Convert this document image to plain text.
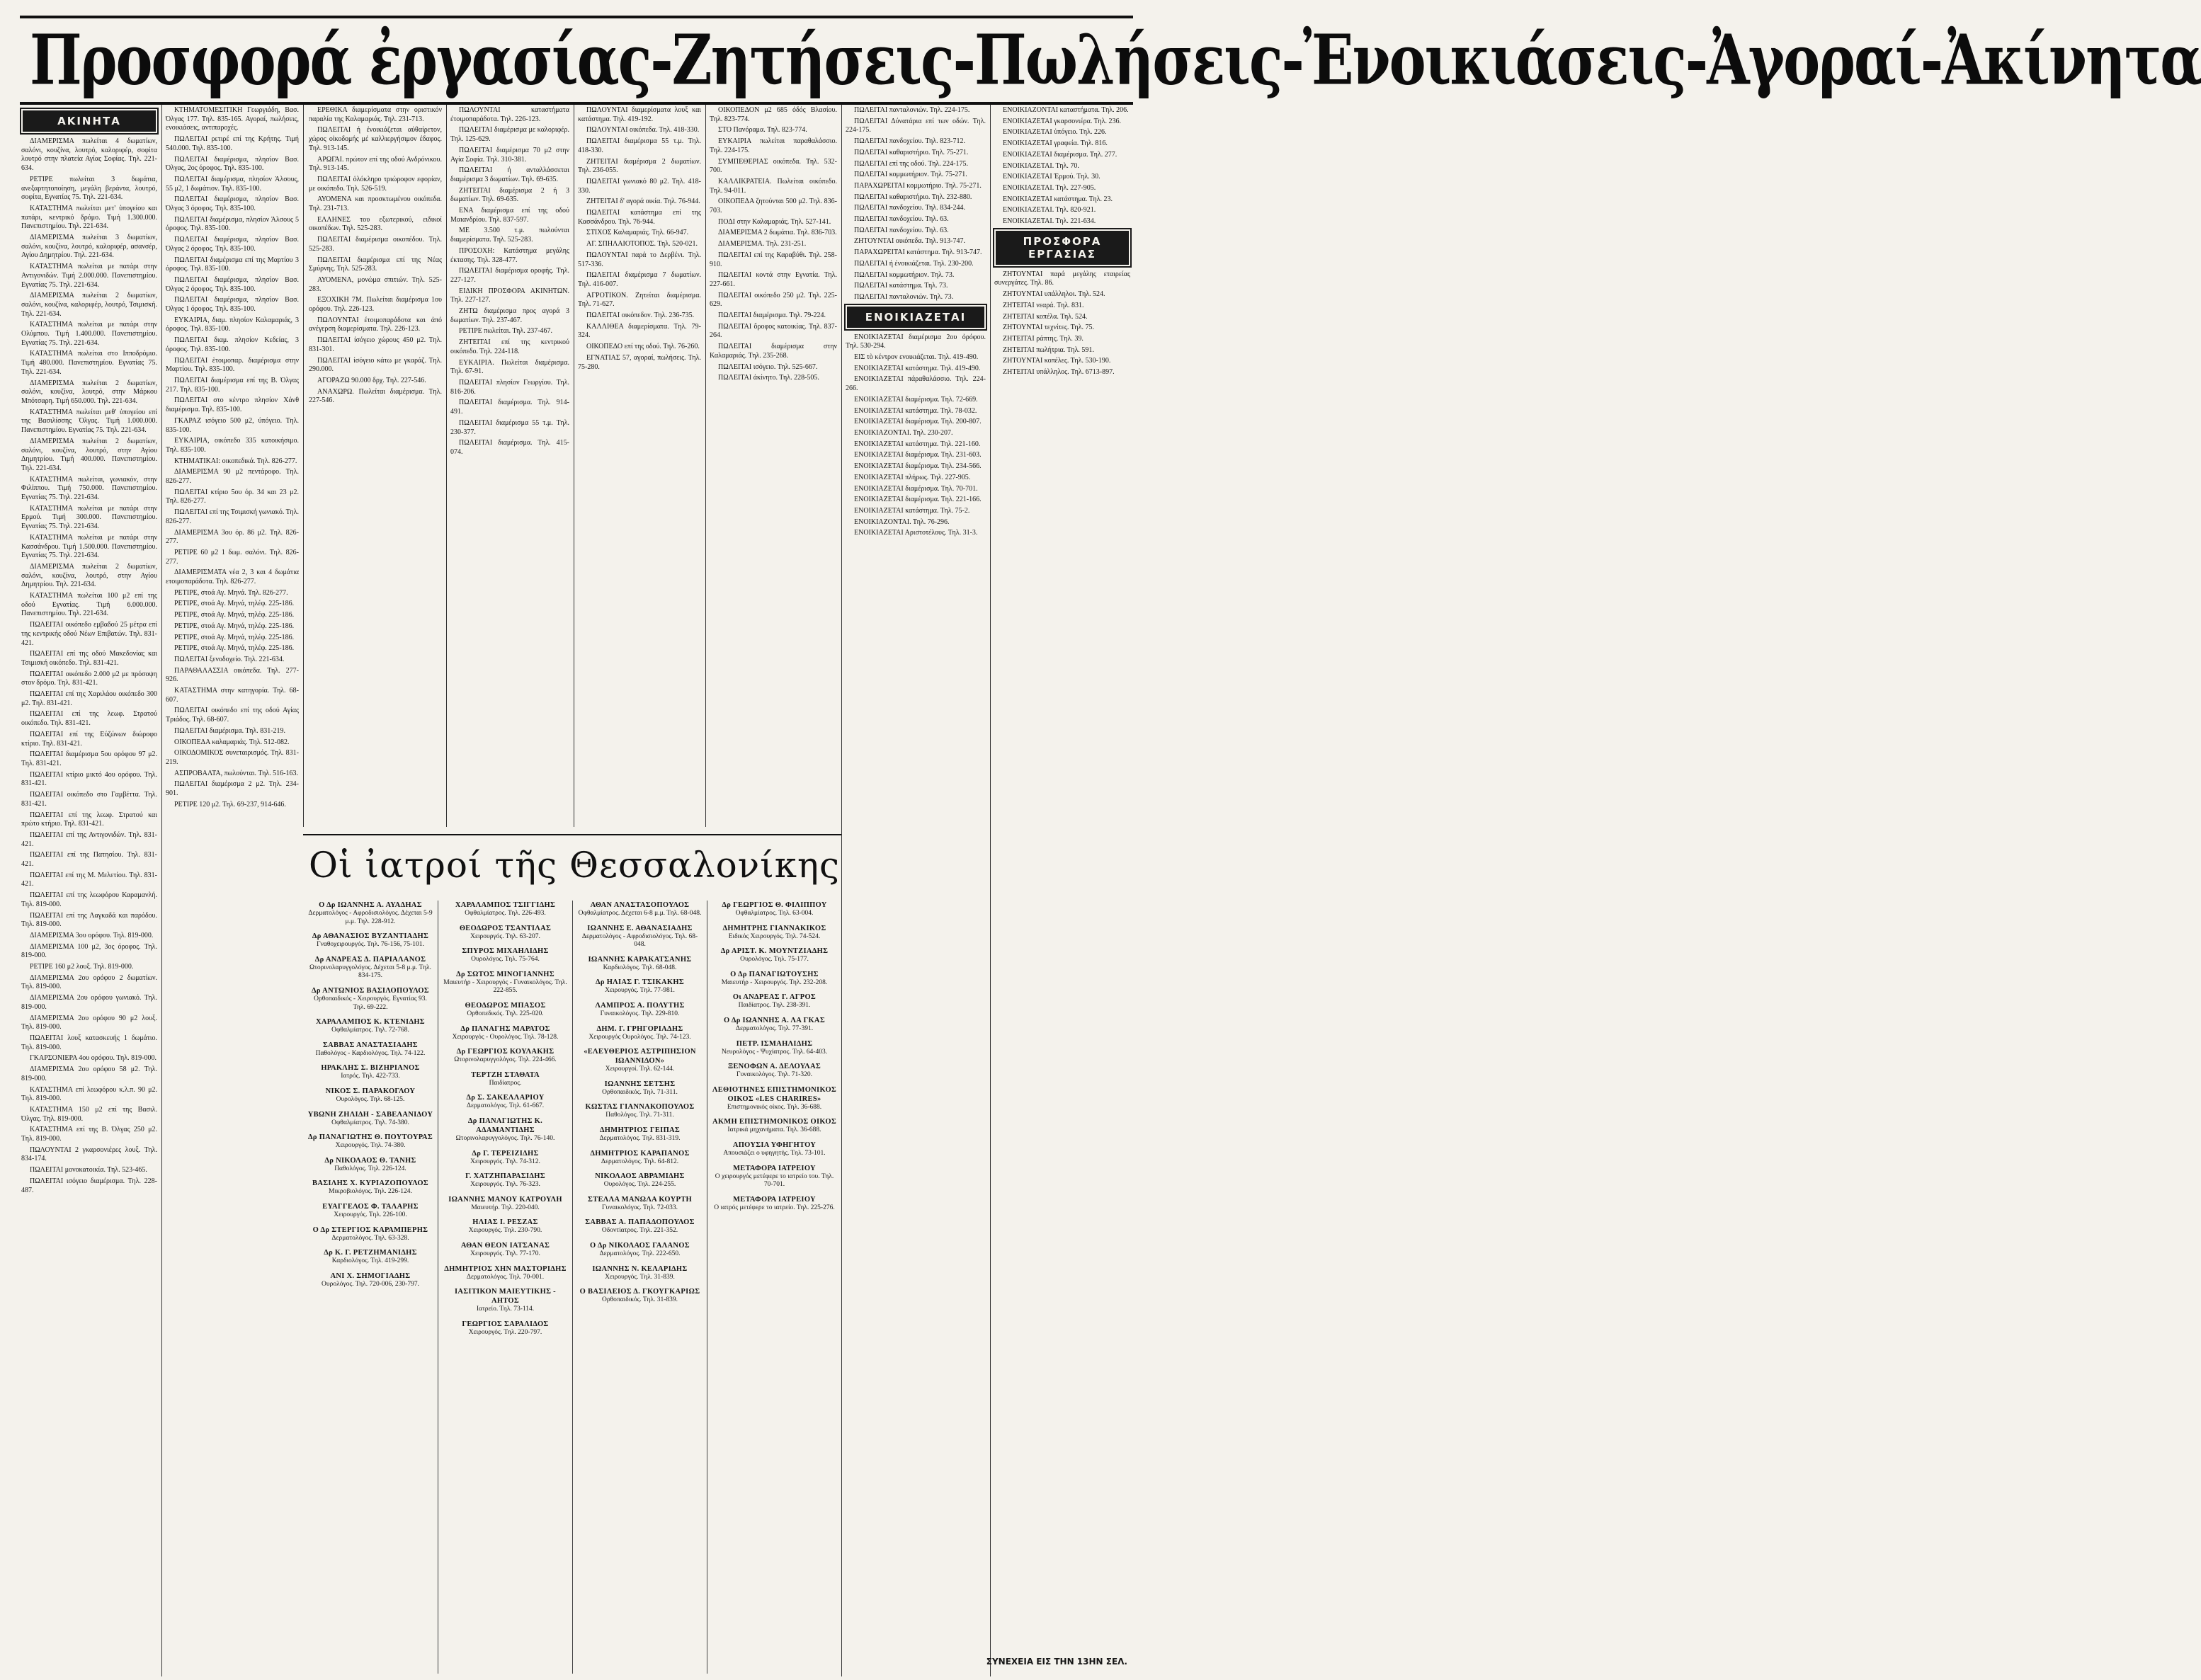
Προσφορά ἐργασίας-Ζητήσεις-Πωλήσεις-Ἐνοικιάσεις-Ἀγοραί-Ἀκίνητα
ΑΚΙΝΗΤΑ

ΔΙΑΜΕΡΙΣΜΑ πωλείται 4 δωματίων, σαλόνι, κουζίνα, λουτρό, καλοριφέρ, σοφίτα λουτρό στην πλατεία Αγίας Σοφίας. Τηλ. 221-634.

ΡΕΤΙΡΕ πωλείται 3 δωμάτια, ανεξαρτητοποίηση, μεγάλη βεράντα, λουτρό, σοφίτα, Εγνατίας 75. Τηλ. 221-634.

ΚΑΤΑΣΤΗΜΑ πωλείται μετ' ὑπογείου και πατάρι, κεντρικό δρόμο. Τιμή 1.300.000. Πανεπιστημίου. Τηλ. 221-634.

ΔΙΑΜΕΡΙΣΜΑ πωλείται 3 δωματίων, σαλόνι, κουζίνα, λουτρό, καλοριφέρ, ασανσέρ, Αγίου Δημητρίου. Τηλ. 221-634.

ΚΑΤΑΣΤΗΜΑ πωλείται με πατάρι στην Αντιγονιδών. Τιμή 2.000.000. Πανεπιστημίου. Εγνατίας 75. Τηλ. 221-634.

ΔΙΑΜΕΡΙΣΜΑ πωλείται 2 δωματίων, σαλόνι, κουζίνα, καλοριφέρ, λουτρό, Τσιμισκή. Τηλ. 221-634.

ΚΑΤΑΣΤΗΜΑ πωλείται με πατάρι στην Ολύμπου. Τιμή 1.400.000. Πανεπιστημίου. Εγνατίας 75. Τηλ. 221-634.

ΚΑΤΑΣΤΗΜΑ πωλείται στο Ιπποδρόμιο. Τιμή 480.000. Πανεπιστημίου. Εγνατίας 75. Τηλ. 221-634.

ΔΙΑΜΕΡΙΣΜΑ πωλείται 2 δωματίων, σαλόνι, κουζίνα, λουτρό, στην Μάρκου Μπότσαρη. Τιμή 650.000. Τηλ. 221-634.

ΚΑΤΑΣΤΗΜΑ πωλείται μεθ' ὑπογείου επί της Βασιλίσσης Όλγας. Τιμή 1.000.000. Πανεπιστημίου. Εγνατίας 75. Τηλ. 221-634.

ΔΙΑΜΕΡΙΣΜΑ πωλείται 2 δωματίων, σαλόνι, κουζίνα, λουτρό, στην Αγίου Δημητρίου. Τιμή 400.000. Πανεπιστημίου. Τηλ. 221-634.

ΚΑΤΑΣΤΗΜΑ πωλείται, γωνιακόν, στην Φιλίππου. Τιμή 750.000. Πανεπιστημίου. Εγνατίας 75. Τηλ. 221-634.

ΚΑΤΑΣΤΗΜΑ πωλείται με πατάρι στην Ερμού. Τιμή 300.000. Πανεπιστημίου. Εγνατίας 75. Τηλ. 221-634.

ΚΑΤΑΣΤΗΜΑ πωλείται με πατάρι στην Κασσάνδρου. Τιμή 1.500.000. Πανεπιστημίου. Εγνατίας 75. Τηλ. 221-634.

ΔΙΑΜΕΡΙΣΜΑ πωλείται 2 δωματίων, σαλόνι, κουζίνα, λουτρό, στην Αγίου Δημητρίου. Τηλ. 221-634.

ΚΑΤΑΣΤΗΜΑ πωλείται 100 μ2 επί της οδού Εγνατίας. Τιμή 6.000.000. Πανεπιστημίου. Τηλ. 221-634.

ΠΩΛΕΙΤΑΙ οικόπεδο εμβαδού 25 μέτρα επί της κεντρικής οδού Νέων Επιβατών. Τηλ. 831-421.

ΠΩΛΕΙΤΑΙ επί της οδού Μακεδονίας και Τσιμισκή οικόπεδο. Τηλ. 831-421.

ΠΩΛΕΙΤΑΙ οικόπεδο 2.000 μ2 με πρόσοψη στον δρόμο. Τηλ. 831-421.

ΠΩΛΕΙΤΑΙ επί της Χαριλάου οικόπεδο 300 μ2. Τηλ. 831-421.

ΠΩΛΕΙΤΑΙ επί της λεωφ. Στρατού οικόπεδο. Τηλ. 831-421.

ΠΩΛΕΙΤΑΙ επί της Εύζώνων διώροφο κτίριο. Τηλ. 831-421.

ΠΩΛΕΙΤΑΙ διαμέρισμα 5ου ορόφου 97 μ2. Τηλ. 831-421.

ΠΩΛΕΙΤΑΙ κτίριο μικτό 4ου ορόφου. Τηλ. 831-421.

ΠΩΛΕΙΤΑΙ οικόπεδο στο Γαμβέττα. Τηλ. 831-421.

ΠΩΛΕΙΤΑΙ επί της λεωφ. Στρατού και πρώτο κτήριο. Τηλ. 831-421.

ΠΩΛΕΙΤΑΙ επί της Αντιγονιδών. Τηλ. 831-421.

ΠΩΛΕΙΤΑΙ επί της Πατησίου. Τηλ. 831-421.

ΠΩΛΕΙΤΑΙ επί της Μ. Μελετίου. Τηλ. 831-421.

ΠΩΛΕΙΤΑΙ επί της λεωφόρου Καραμανλή. Τηλ. 819-000.

ΠΩΛΕΙΤΑΙ επί της Λαγκαδά και παρόδου. Τηλ. 819-000.

ΔΙΑΜΕΡΙΣΜΑ 3ου ορόφου. Τηλ. 819-000.

ΔΙΑΜΕΡΙΣΜΑ 100 μ2, 3ος όροφος. Τηλ. 819-000.

ΡΕΤΙΡΕ 160 μ2 λουξ. Τηλ. 819-000.

ΔΙΑΜΕΡΙΣΜΑ 2ου ορόφου 2 δωματίων. Τηλ. 819-000.

ΔΙΑΜΕΡΙΣΜΑ 2ου ορόφου γωνιακό. Τηλ. 819-000.

ΔΙΑΜΕΡΙΣΜΑ 2ου ορόφου 90 μ2 λουξ. Τηλ. 819-000.

ΠΩΛΕΙΤΑΙ λουξ κατασκευής 1 δωμάτιο. Τηλ. 819-000.

ΓΚΑΡΣΟΝΙΕΡΑ 4ου ορόφου. Τηλ. 819-000.

ΔΙΑΜΕΡΙΣΜΑ 2ου ορόφου 58 μ2. Τηλ. 819-000.

ΚΑΤΑΣΤΗΜΑ επί λεωφόρου κ.λ.π. 90 μ2. Τηλ. 819-000.

ΚΑΤΑΣΤΗΜΑ 150 μ2 επί της Βασιλ. Όλγας. Τηλ. 819-000.

ΚΑΤΑΣΤΗΜΑ επί της Β. Όλγας 250 μ2. Τηλ. 819-000.

ΠΩΛΟΥΝΤΑΙ 2 γκαρσονιέρες λουξ. Τηλ. 834-174.

ΠΩΛΕΙΤΑΙ μονοκατοικία. Τηλ. 523-465.

ΠΩΛΕΙΤΑΙ ισόγειο διαμέρισμα. Τηλ. 228-487.

ΚΤΗΜΑΤΟΜΕΣΙΤΙΚΗ Γεωργιάδη, Βασ. Όλγας 177. Τηλ. 835-165. Αγοραί, πωλήσεις, ενοικιάσεις, αντιπαροχές.

ΠΩΛΕΙΤΑΙ ρετιρέ επί της Κρήτης. Τιμή 540.000. Τηλ. 835-100.

ΠΩΛΕΙΤΑΙ διαμέρισμα, πλησίον Βασ. Όλγας, 2ος όροφος. Τηλ. 835-100.

ΠΩΛΕΙΤΑΙ διαμέρισμα, πλησίον Άλσους, 55 μ2, 1 δωμάτιον. Τηλ. 835-100.

ΠΩΛΕΙΤΑΙ διαμέρισμα, πλησίον Βασ. Όλγας 3 όροφος. Τηλ. 835-100.

ΠΩΛΕΙΤΑΙ διαμέρισμα, πλησίον Άλσους 5 όροφος. Τηλ. 835-100.

ΠΩΛΕΙΤΑΙ διαμέρισμα, πλησίον Βασ. Όλγας 2 όροφος. Τηλ. 835-100.

ΠΩΛΕΙΤΑΙ διαμέρισμα επί της Μαρτίου 3 όροφος. Τηλ. 835-100.

ΠΩΛΕΙΤΑΙ διαμέρισμα, πλησίον Βασ. Όλγας 2 όροφος. Τηλ. 835-100.

ΠΩΛΕΙΤΑΙ διαμέρισμα, πλησίον Βασ. Όλγας 1 όροφος. Τηλ. 835-100.

ΕΥΚΑΙΡΙΑ, διαμ. πλησίον Καλαμαριάς, 3 όροφος. Τηλ. 835-100.

ΠΩΛΕΙΤΑΙ διαμ. πλησίον Κεδείας, 3 όροφος. Τηλ. 835-100.

ΠΩΛΕΙΤΑΙ ἑτοιμοπαρ. διαμέρισμα στην Μαρτίου. Τηλ. 835-100.

ΠΩΛΕΙΤΑΙ διαμέρισμα επί της Β. Όλγας 217. Τηλ. 835-100.

ΠΩΛΕΙΤΑΙ στο κέντρο πλησίον Χάνθ διαμέρισμα. Τηλ. 835-100.

ΓΚΑΡΑΖ ισόγειο 500 μ2, ύπόγειο. Τηλ. 835-100.

ΕΥΚΑΙΡΙΑ, οικόπεδο 335 κατοικήσιμο. Τηλ. 835-100.

ΚΤΗΜΑΤΙΚΑΙ: οικοπεδικά. Τηλ. 826-277.

ΔΙΑΜΕΡΙΣΜΑ 90 μ2 πεντάροφο. Τηλ. 826-277.

ΠΩΛΕΙΤΑΙ κτίριο 5ου όρ. 34 και 23 μ2. Τηλ. 826-277.

ΠΩΛΕΙΤΑΙ επί της Τσιμισκή γωνιακό. Τηλ. 826-277.

ΔΙΑΜΕΡΙΣΜΑ 3ου όρ. 86 μ2. Τηλ. 826-277.

ΡΕΤΙΡΕ 60 μ2 1 δωμ. σαλόνι. Τηλ. 826-277.

ΔΙΑΜΕΡΙΣΜΑΤΑ νέα 2, 3 και 4 δωμάτια ετοιμοπαράδοτα. Τηλ. 826-277.

ΡΕΤΙΡΕ, στοά Αγ. Μηνά. Τηλ. 826-277.

ΡΕΤΙΡΕ, στοά Αγ. Μηνά, τηλέφ. 225-186.

ΡΕΤΙΡΕ, στοά Αγ. Μηνά, τηλέφ. 225-186.

ΡΕΤΙΡΕ, στοά Αγ. Μηνά, τηλέφ. 225-186.

ΡΕΤΙΡΕ, στοά Αγ. Μηνά, τηλέφ. 225-186.

ΡΕΤΙΡΕ, στοά Αγ. Μηνά, τηλέφ. 225-186.

ΠΩΛΕΙΤΑΙ ξενοδοχείο. Τηλ. 221-634.

ΠΑΡΑΘΑΛΑΣΣΙΑ οικόπεδα. Τηλ. 277-926.

ΚΑΤΑΣΤΗΜΑ στην κατηγορία. Τηλ. 68-607.

ΠΩΛΕΙΤΑΙ οικόπεδο επί της οδού Αγίας Τριάδος. Τηλ. 68-607.

ΠΩΛΕΙΤΑΙ διαμέρισμα. Τηλ. 831-219.

ΟΙΚΟΠΕΔΑ καλαμαριάς. Τηλ. 512-082.

ΟΙΚΟΔΟΜΙΚΟΣ συνεταιρισμός. Τηλ. 831-219.

ΑΣΠΡΟΒΑΛΤΑ, πωλούνται. Τηλ. 516-163.

ΠΩΛΕΙΤΑΙ διαμέρισμα 2 μ2. Τηλ. 234-901.

ΡΕΤΙΡΕ 120 μ2. Τηλ. 69-237, 914-646.

ΕΡΕΘΙΚΑ διαμερίσματα στην οριστικόν παραλία της Καλαμαριάς. Τηλ. 231-713.

ΠΩΛΕΙΤΑΙ ή ἐνοικιάζεται αὐθαίρετον, χώρος οἰκοδομής μέ καλλιεργήσιμον έδαφος. Τηλ. 913-145.

ΑΡΩΓΑΙ. πρώτον επί της οδού Ανδρόνικου. Τηλ. 913-145.

ΠΩΛΕΙΤΑΙ ὁλόκληρο τριώροφον εφορίαν, με οικόπεδο. Τηλ. 526-519.

ΑΥΟΜΕΝΑ και προσκτωμένου οικόπεδα. Τηλ. 231-713.

ΕΛΛΗΝΕΣ του εξωτερικού, ειδικοί οικοπέδων. Τηλ. 525-283.

ΠΩΛΕΙΤΑΙ διαμέρισμα οικοπέδου. Τηλ. 525-283.

ΠΩΛΕΙΤΑΙ διαμέρισμα επί της Νέας Σμύρνης. Τηλ. 525-283.

ΑΥΟΜΕΝΑ, μονώμα σπιτιών. Τηλ. 525-283.

ΕΞΟΧΙΚΗ 7Μ. Πωλείται διαμέρισμα 1ου ορόφου. Τηλ. 226-123.

ΠΩΛΟΥΝΤΑΙ έτοιμοπαράδοτα και ἀπό ανέγερση διαμερίσματα. Τηλ. 226-123.

ΠΩΛΕΙΤΑΙ ίσόγειο χώρους 450 μ2. Τηλ. 831-301.

ΠΩΛΕΙΤΑΙ ίσόγειο κάτω με γκαράζ. Τηλ. 290.000.

ΑΓΟΡΑΖΩ 90.000 δρχ. Τηλ. 227-546.

ΑΝΑΧΩΡΩ. Πωλείται διαμέρισμα. Τηλ. 227-546.

ΠΩΛΟΥΝΤΑΙ καταστήματα έτοιμοπαράδοτα. Τηλ. 226-123.

ΠΩΛΕΙΤΑΙ διαμέρισμα με καλοριφέρ. Τηλ. 125-629.

ΠΩΛΕΙΤΑΙ διαμέρισμα 70 μ2 στην Αγία Σοφία. Τηλ. 310-381.

ΠΩΛΕΙΤΑΙ ή ανταλλάσσεται διαμέρισμα 3 δωματίων. Τηλ. 69-635.

ΖΗΤΕΙΤΑΙ διαμέρισμα 2 ή 3 δωματίων. Τηλ. 69-635.

ΕΝΑ διαμέρισμα επί της οδού Μαιανδρίου. Τηλ. 837-597.

ΜΕ 3.500 τ.μ. πωλούνται διαμερίσματα. Τηλ. 525-283.

ΠΡΟΣΟΧΗ: Κατάστημα μεγάλης έκτασης. Τηλ. 328-477.

ΠΩΛΕΙΤΑΙ διαμέρισμα οροφής. Τηλ. 227-127.

ΕΙΔΙΚΗ ΠΡΟΣΦΟΡΑ ΑΚΙΝΗΤΩΝ. Τηλ. 227-127.

ΖΗΤΩ διαμέρισμα προς αγορά 3 δωματίων. Τηλ. 237-467.

ΡΕΤΙΡΕ πωλείται. Τηλ. 237-467.

ΖΗΤΕΙΤΑΙ επί της κεντρικού οικόπεδο. Τηλ. 224-118.

ΕΥΚΑΙΡΙΑ. Πωλείται διαμέρισμα. Τηλ. 67-91.

ΠΩΛΕΙΤΑΙ πλησίον Γεωργίου. Τηλ. 816-206.

ΠΩΛΕΙΤΑΙ διαμέρισμα. Τηλ. 914-491.

ΠΩΛΕΙΤΑΙ διαμέρισμα 55 τ.μ. Τηλ. 230-377.

ΠΩΛΕΙΤΑΙ διαμέρισμα. Τηλ. 415-074.

ΠΩΛΟΥΝΤΑΙ διαμερίσματα λουξ και κατάστημα. Τηλ. 419-192.

ΠΩΛΟΥΝΤΑΙ οικόπεδα. Τηλ. 418-330.

ΠΩΛΕΙΤΑΙ διαμέρισμα 55 τ.μ. Τηλ. 418-330.

ΖΗΤΕΙΤΑΙ διαμέρισμα 2 δωματίων. Τηλ. 236-055.

ΠΩΛΕΙΤΑΙ γωνιακό 80 μ2. Τηλ. 418-330.

ΖΗΤΕΙΤΑΙ δ' αγορά οικία. Τηλ. 76-944.

ΠΩΛΕΙΤΑΙ κατάστημα επί της Κασσάνδρου. Τηλ. 76-944.

ΣΤΙΧΟΣ Καλαμαριάς. Τηλ. 66-947.

ΑΓ. ΣΠΗΛΑΙΟΤΟΠΟΣ. Τηλ. 520-021.

ΠΩΛΟΥΝΤΑΙ παρά το Δερβένι. Τηλ. 517-336.

ΠΩΛΕΙΤΑΙ διαμέρισμα 7 δωματίων. Τηλ. 416-007.

ΑΓΡΟΤΙΚΟΝ. Ζητείται διαμέρισμα. Τηλ. 71-627.

ΠΩΛΕΙΤΑΙ οικόπεδον. Τηλ. 236-735.

ΚΑΛΛΙΘΕΑ διαμερίσματα. Τηλ. 79-324.

ΟΙΚΟΠΕΔΟ επί της οδού. Τηλ. 76-260.

ΕΓΝΑΤΙΑΣ 57, αγοραί, πωλήσεις. Τηλ. 75-280.

ΟΙΚΟΠΕΔΟΝ μ2 685 ὁδός Βλασίου. Τηλ. 823-774.

ΣΤΟ Πανόραμα. Τηλ. 823-774.

ΕΥΚΑΙΡΙΑ πωλείται παραθαλάσσιο. Τηλ. 224-175.

ΣΥΜΠΕΘΕΡΙΑΣ οικόπεδα. Τηλ. 532-700.

ΚΑΛΛΙΚΡΑΤΕΙΑ. Πωλείται οικόπεδο. Τηλ. 94-011.

ΟΙΚΟΠΕΔΑ ζητούνται 500 μ2. Τηλ. 836-703.

ΠΟΔΙ στην Καλαμαριάς. Τηλ. 527-141.

ΔΙΑΜΕΡΙΣΜΑ 2 δωμάτια. Τηλ. 836-703.

ΔΙΑΜΕΡΙΣΜΑ. Τηλ. 231-251.

ΠΩΛΕΙΤΑΙ επί της Καραβύθι. Τηλ. 258-910.

ΠΩΛΕΙΤΑΙ κοντά στην Εγνατία. Τηλ. 227-661.

ΠΩΛΕΙΤΑΙ οικόπεδο 250 μ2. Τηλ. 225-629.

ΠΩΛΕΙΤΑΙ διαμέρισμα. Τηλ. 79-224.

ΠΩΛΕΙΤΑΙ ὄροφος κατοικίας. Τηλ. 837-264.

ΠΩΛΕΙΤΑΙ διαμέρισμα στην Καλαμαριάς. Τηλ. 235-268.

ΠΩΛΕΙΤΑΙ ισόγειο. Τηλ. 525-667.

ΠΩΛΕΙΤΑΙ ἀκίνητο. Τηλ. 228-505.

ΠΩΛΕΙΤΑΙ πανταλονιών. Τηλ. 224-175.

ΠΩΛΕΙΤΑΙ Δύνατάρια επί των οδών. Τηλ. 224-175.

ΠΩΛΕΙΤΑΙ πανδοχείου. Τηλ. 823-712.

ΠΩΛΕΙΤΑΙ καθαριστήριο. Τηλ. 75-271.

ΠΩΛΕΙΤΑΙ επί της οδού. Τηλ. 224-175.

ΠΩΛΕΙΤΑΙ κομμωτήριον. Τηλ. 75-271.

ΠΑΡΑΧΩΡΕΙΤΑΙ κομμωτήριο. Τηλ. 75-271.

ΠΩΛΕΙΤΑΙ καθαριστήριο. Τηλ. 232-880.

ΠΩΛΕΙΤΑΙ πανδοχείου. Τηλ. 834-244.

ΠΩΛΕΙΤΑΙ πανδοχείου. Τηλ. 63.

ΠΩΛΕΙΤΑΙ πανδοχείου. Τηλ. 63.

ΖΗΤΟΥΝΤΑΙ οικόπεδα. Τηλ. 913-747.

ΠΑΡΑΧΩΡΕΙΤΑΙ κατάστημα. Τηλ. 913-747.

ΠΩΛΕΙΤΑΙ ή ένοικιάζεται. Τηλ. 230-200.

ΠΩΛΕΙΤΑΙ κομμωτήριον. Τηλ. 73.

ΠΩΛΕΙΤΑΙ κατάστημα. Τηλ. 73.

ΠΩΛΕΙΤΑΙ πανταλονιών. Τηλ. 73.

ΕΝΟΙΚΙΑΖΕΤΑΙ

ΕΝΟΙΚΙΑΖΕΤΑΙ διαμέρισμα 2ου ὀρόφου. Τηλ. 530-294.

ΕΙΣ τὸ κέντρον ενοικιάζεται. Τηλ. 419-490.

ΕΝΟΙΚΙΑΖΕΤΑΙ κατάστημα. Τηλ. 419-490.

ΕΝΟΙΚΙΑΖΕΤΑΙ πάραθαλάσσιο. Τηλ. 224-266.

ΕΝΟΙΚΙΑΖΕΤΑΙ διαμέρισμα. Τηλ. 72-669.

ΕΝΟΙΚΙΑΖΕΤΑΙ κατάστημα. Τηλ. 78-032.

ΕΝΟΙΚΙΑΖΕΤΑΙ διαμέρισμα. Τηλ. 200-807.

ΕΝΟΙΚΙΑΖΟΝΤΑΙ. Τηλ. 230-207.

ΕΝΟΙΚΙΑΖΕΤΑΙ κατάστημα. Τηλ. 221-160.

ΕΝΟΙΚΙΑΖΕΤΑΙ διαμέρισμα. Τηλ. 231-603.

ΕΝΟΙΚΙΑΖΕΤΑΙ διαμέρισμα. Τηλ. 234-566.

ΕΝΟΙΚΙΑΖΕΤΑΙ πλήρως. Τηλ. 227-905.

ΕΝΟΙΚΙΑΖΕΤΑΙ διαμέρισμα. Τηλ. 70-701.

ΕΝΟΙΚΙΑΖΕΤΑΙ διαμέρισμα. Τηλ. 221-166.

ΕΝΟΙΚΙΑΖΕΤΑΙ κατάστημα. Τηλ. 75-2.

ΕΝΟΙΚΙΑΖΟΝΤΑΙ. Τηλ. 76-296.

ΕΝΟΙΚΙΑΖΕΤΑΙ Αριστοτέλους. Τηλ. 31-3.

ΕΝΟΙΚΙΑΖΟΝΤΑΙ καταστήματα. Τηλ. 206.

ΕΝΟΙΚΙΑΖΕΤΑΙ γκαρσονιέρα. Τηλ. 236.

ΕΝΟΙΚΙΑΖΕΤΑΙ ὑπόγειο. Τηλ. 226.

ΕΝΟΙΚΙΑΖΕΤΑΙ γραφεία. Τηλ. 816.

ΕΝΟΙΚΙΑΖΕΤΑΙ διαμέρισμα. Τηλ. 277.

ΕΝΟΙΚΙΑΖΕΤΑΙ. Τηλ. 70.

ΕΝΟΙΚΙΑΖΕΤΑΙ Έρμού. Τηλ. 30.

ΕΝΟΙΚΙΑΖΕΤΑΙ. Τηλ. 227-905.

ΕΝΟΙΚΙΑΖΕΤΑΙ κατάστημα. Τηλ. 23.

ΕΝΟΙΚΙΑΖΕΤΑΙ. Τηλ. 820-921.

ΕΝΟΙΚΙΑΖΕΤΑΙ. Τηλ. 221-634.

ΠΡΟΣΦΟΡΑ ΕΡΓΑΣΙΑΣ

ΖΗΤΟΥΝΤΑΙ παρά μεγάλης εταιρείας συνεργάτες. Τηλ. 86.

ΖΗΤΟΥΝΤΑΙ υπάλληλοι. Τηλ. 524.

ΖΗΤΕΙΤΑΙ νεαρά. Τηλ. 831.

ΖΗΤΕΙΤΑΙ κοπέλα. Τηλ. 524.

ΖΗΤΟΥΝΤΑΙ τεχνίτες. Τηλ. 75.

ΖΗΤΕΙΤΑΙ ράπτης. Τηλ. 39.

ΖΗΤΕΙΤΑΙ πωλήτρια. Τηλ. 591.

ΖΗΤΟΥΝΤΑΙ κοπέλες. Τηλ. 530-190.

ΖΗΤΕΙΤΑΙ υπάλληλος. Τηλ. 6713-897.

Οἱ ἰατροί τῆς Θεσσαλονίκης
Ο Δρ ΙΩΑΝΝΗΣ Α. ΑΥΑΔΗΑΣ
Δερματολόγος - Αφροδισιολόγος. Δέχεται 5-9 μ.μ. Τηλ. 228-912.
Δρ ΑΘΑΝΑΣΙΟΣ ΒΥΖΑΝΤΙΑΔΗΣ
Γναθοχειρουργός. Τηλ. 76-156, 75-101.
Δρ ΑΝΔΡΕΑΣ Δ. ΠΑΡΙΑΛΑΝΟΣ
Ωτορινολαρυγγολόγος. Δέχεται 5-8 μ.μ. Τηλ. 834-175.
Δρ ΑΝΤΩΝΙΟΣ ΒΑΣΙΛΟΠΟΥΛΟΣ
Ορθοπαιδικός - Χειρουργός. Εγνατίας 93. Τηλ. 69-222.
ΧΑΡΑΛΑΜΠΟΣ Κ. ΚΤΕΝΙΔΗΣ
Οφθαλμίατρος. Τηλ. 72-768.
ΣΑΒΒΑΣ ΑΝΑΣΤΑΣΙΑΔΗΣ
Παθολόγος - Καρδιολόγος. Τηλ. 74-122.
ΗΡΑΚΛΗΣ Σ. ΒΙΖΗΡΙΑΝΟΣ
Ιατρός. Τηλ. 422-733.
ΝΙΚΟΣ Σ. ΠΑΡΑΚΟΓΛΟΥ
Ουρολόγος. Τηλ. 68-125.
ΥΒΩΝΗ ΖΗΛΙΔΗ - ΣΑΒΕΛΑΝΙΔΟΥ
Οφθαλμίατρος. Τηλ. 74-380.
Δρ ΠΑΝΑΓΙΩΤΗΣ Θ. ΠΟΥΤΟΥΡΑΣ
Χειρουργός. Τηλ. 74-380.
Δρ ΝΙΚΟΛΑΟΣ Θ. ΤΑΝΗΣ
Παθολόγος. Τηλ. 226-124.
ΒΑΣΙΛΗΣ Χ. ΚΥΡΙΑΖΟΠΟΥΛΟΣ
Μικροβιολόγος. Τηλ. 226-124.
ΕΥΑΓΓΕΛΟΣ Φ. ΤΑΛΑΡΗΣ
Χειρουργός. Τηλ. 226-100.
Ο Δρ ΣΤΕΡΓΙΟΣ ΚΑΡΑΜΠΕΡΗΣ
Δερματολόγος. Τηλ. 63-328.
Δρ Κ. Γ. ΡΕΤΖΗΜΑΝΙΔΗΣ
Καρδιολόγος. Τηλ. 419-299.
ΑΝΙ Χ. ΣΗΜΟΓΙΑΔΗΣ
Ουρολόγος. Τηλ. 720-006, 230-797.
ΧΑΡΑΛΑΜΠΟΣ ΤΣΙΓΓΙΔΗΣ
Οφθαλμίατρος. Τηλ. 226-493.
ΘΕΟΔΩΡΟΣ ΤΣΑΝΤΙΛΑΣ
Χειρουργός. Τηλ. 63-207.
ΣΠΥΡΟΣ ΜΙΧΑΗΛΙΔΗΣ
Ουρολόγος. Τηλ. 75-764.
Δρ ΣΩΤΟΣ ΜΙΝΟΓΙΑΝΝΗΣ
Μαιευτήρ - Χειρουργός - Γυναικολόγος. Τηλ. 222-855.
ΘΕΟΔΩΡΟΣ ΜΠΑΣΟΣ
Ορθοπεδικός. Τηλ. 225-020.
Δρ ΠΑΝΑΓΗΣ ΜΑΡΑΤΟΣ
Χειρουργός - Ουρολόγος. Τηλ. 78-128.
Δρ ΓΕΩΡΓΙΟΣ ΚΟΥΛΑΚΗΣ
Ωτορινολαρυγγολόγος. Τηλ. 224-466.
ΤΕΡΤΖΗ ΣΤΑΘΑΤΑ
Παιδίατρος.
Δρ Σ. ΣΑΚΕΛΛΑΡΙΟΥ
Δερματολόγος. Τηλ. 61-667.
Δρ ΠΑΝΑΓΙΩΤΗΣ Κ. ΑΔΑΜΑΝΤΙΔΗΣ
Ωτορινολαρυγγολόγος. Τηλ. 76-140.
Δρ Γ. ΤΕΡΕΙΖΙΔΗΣ
Χειρουργός. Τηλ. 74-312.
Γ. ΧΑΤΖΗΠΑΡΑΣΙΔΗΣ
Χειρουργός. Τηλ. 76-323.
ΙΩΑΝΝΗΣ ΜΑΝΟΥ ΚΑΤΡΟΥΛΗ
Μαιευτήρ. Τηλ. 220-040.
ΗΛΙΑΣ Ι. ΡΕΣΖΑΣ
Χειρουργός. Τηλ. 230-790.
ΑΘΑΝ ΘΕΟΝ ΙΑΤΣΑΝΑΣ
Χειρουργός. Τηλ. 77-170.
ΔΗΜΗΤΡΙΟΣ ΧΗΝ ΜΑΣΤΟΡΙΔΗΣ
Δερματολόγος. Τηλ. 70-001.
ΙΑΣΙΤΙΚΟΝ ΜΑΙΕΥΤΙΚΗΣ - ΑΗΤΟΣ
Ιατρείο. Τηλ. 73-114.
ΓΕΩΡΓΙΟΣ ΣΑΡΑΛΙΔΟΣ
Χειρουργός. Τηλ. 220-797.
ΑΘΑΝ ΑΝΑΣΤΑΣΟΠΟΥΛΟΣ
Οφθαλμίατρος. Δέχεται 6-8 μ.μ. Τηλ. 68-048.
ΙΩΑΝΝΗΣ Ε. ΑΘΑΝΑΣΙΑΔΗΣ
Δερματολόγος - Αφροδισιολόγος. Τηλ. 68-048.
ΙΩΑΝΝΗΣ ΚΑΡΑΚΑΤΣΑΝΗΣ
Καρδιολόγος. Τηλ. 68-048.
Δρ ΗΛΙΑΣ Γ. ΤΣΙΚΑΚΗΣ
Χειρουργός. Τηλ. 77-981.
ΛΑΜΠΡΟΣ Α. ΠΟΛΥΤΗΣ
Γυναικολόγος. Τηλ. 229-810.
ΔΗΜ. Γ. ΓΡΗΓΟΡΙΑΔΗΣ
Χειρουργός Ουρολόγος. Τηλ. 74-123.
«ΕΛΕΥΘΕΡΙΟΣ ΑΣΤΡΙΠΗΣΙΟΝ ΙΩΑΝΝΙΔΟΝ»
Χειρουργοί. Τηλ. 62-144.
ΙΩΑΝΝΗΣ ΣΕΤΣΗΣ
Ορθοπαιδικός. Τηλ. 71-311.
ΚΩΣΤΑΣ ΓΙΑΝΝΑΚΟΠΟΥΛΟΣ
Παθολόγος. Τηλ. 71-311.
ΔΗΜΗΤΡΙΟΣ ΓΕΙΠΑΣ
Δερματολόγος. Τηλ. 831-319.
ΔΗΜΗΤΡΙΟΣ ΚΑΡΑΠΑΝΟΣ
Δερματολόγος. Τηλ. 64-812.
ΝΙΚΟΛΑΟΣ ΑΒΡΑΜΙΔΗΣ
Ουρολόγος. Τηλ. 224-255.
ΣΤΕΛΛΑ ΜΑΝΩΛΑ ΚΟΥΡΤΗ
Γυναικολόγος. Τηλ. 72-033.
ΣΑΒΒΑΣ Α. ΠΑΠΑΔΟΠΟΥΛΟΣ
Οδοντίατρος. Τηλ. 221-352.
Ο Δρ ΝΙΚΟΛΑΟΣ ΓΑΛΑΝΟΣ
Δερματολόγος. Τηλ. 222-650.
ΙΩΑΝΝΗΣ Ν. ΚΕΛΑΡΙΔΗΣ
Χειρουργός. Τηλ. 31-839.
Ο ΒΑΣΙΛΕΙΟΣ Δ. ΓΚΟΥΓΚΑΡΙΩΣ
Ορθοπαιδικός. Τηλ. 31-839.
Δρ ΓΕΩΡΓΙΟΣ Θ. ΦΙΛΙΠΠΟΥ
Οφθαλμίατρος. Τηλ. 63-004.
ΔΗΜΗΤΡΗΣ ΓΙΑΝΝΑΚΙΚΟΣ
Ειδικός Χειρουργός. Τηλ. 74-524.
Δρ ΑΡΙΣΤ. Κ. ΜΟΥΝΤΖΙΑΔΗΣ
Ουρολόγος. Τηλ. 75-177.
Ο Δρ ΠΑΝΑΓΙΩΤΟΥΣΗΣ
Μαιευτήρ - Χειρουργός. Τηλ. 232-208.
Οι ΑΝΔΡΕΑΣ Γ. ΑΓΡΟΣ
Παιδίατρος. Τηλ. 238-391.
Ο Δρ ΙΩΑΝΝΗΣ Α. ΛΑ ΓΚΑΣ
Δερματολόγος. Τηλ. 77-391.
ΠΕΤΡ. ΙΣΜΑΗΛΙΔΗΣ
Νευρολόγος - Ψυχίατρος. Τηλ. 64-403.
ΞΕΝΟΦΩΝ Α. ΔΕΛΟΥΛΑΣ
Γυναικολόγος. Τηλ. 71-320.
ΛΕΘΙΟΤΗΝΕΣ ΕΠΙΣΤΗΜΟΝΙΚΟΣ ΟΙΚΟΣ «LES CHARIRES»
Επιστημονικός οίκος. Τηλ. 36-688.
ΑΚΜΗ ΕΠΙΣΤΗΜΟΝΙΚΟΣ ΟΙΚΟΣ
Ιατρικά μηχανήματα. Τηλ. 36-688.
ΑΠΟΥΣΙΑ ΥΦΗΓΗΤΟΥ
Απουσιάζει ο υφηγητής. Τηλ. 73-101.
ΜΕΤΑΦΟΡΑ ΙΑΤΡΕΙΟΥ
Ο χειρουργός μετέφερε το ιατρείο του. Τηλ. 70-701.
ΜΕΤΑΦΟΡΑ ΙΑΤΡΕΙΟΥ
Ο ιατρός μετέφερε το ιατρείο. Τηλ. 225-276.
ΣΥΝΕΧΕΙΑ ΕΙΣ ΤΗΝ 13ΗΝ ΣΕΛ.
